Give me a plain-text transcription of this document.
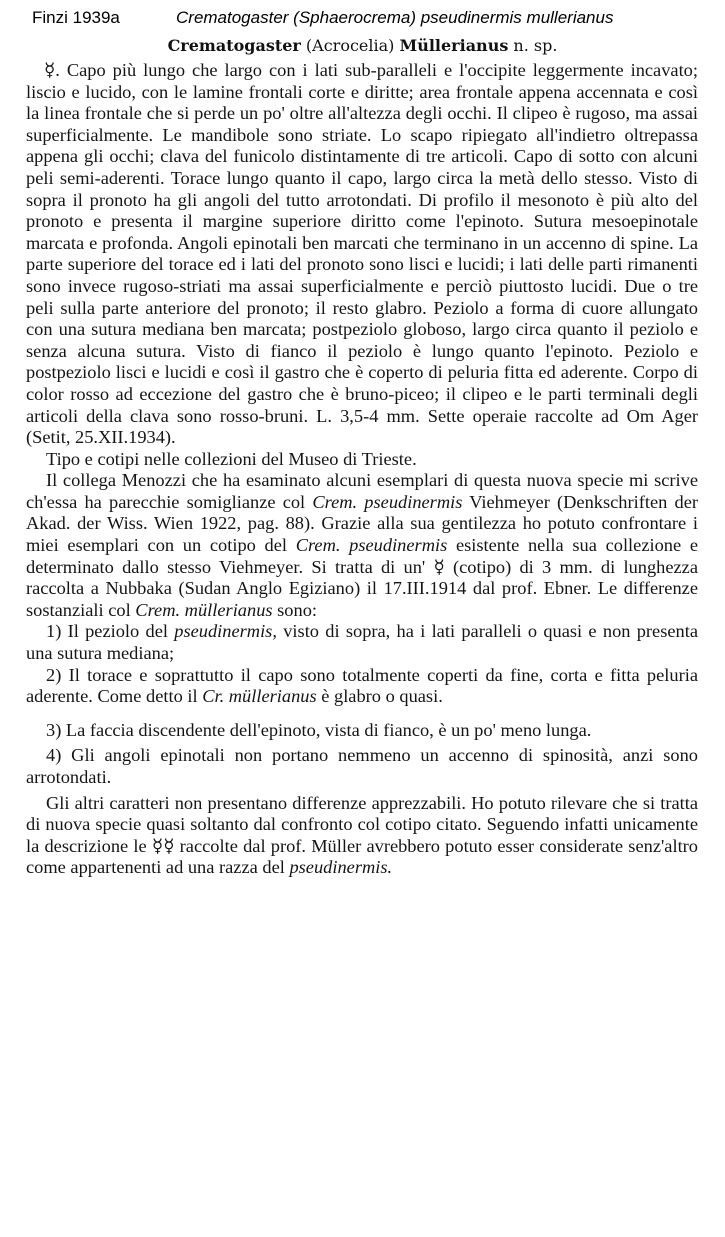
Finzi 1939a	Crematogaster (Sphaerocrema) pseudinermis mullerianus
Crematogaster (Acrocelia) Müllerianus n. sp.

☿. Capo più lungo che largo con i lati sub-paralleli e l'occipite leggermente incavato; liscio e lucido, con le lamine frontali corte e diritte; area frontale appena accennata e così la linea frontale che si perde un po' oltre all'altezza degli occhi. Il clipeo è rugoso, ma assai superficialmente. Le mandibole sono striate. Lo scapo ripiegato all'indietro oltrepassa appena gli occhi; clava del funicolo distintamente di tre articoli. Capo di sotto con alcuni peli semi-aderenti. Torace lungo quanto il capo, largo circa la metà dello stesso. Visto di sopra il pronoto ha gli angoli del tutto arrotondati. Di profilo il mesonoto è più alto del pronoto e presenta il margine superiore diritto come l'epinoto. Sutura mesoepinotale marcata e profonda. Angoli epinotali ben marcati che terminano in un accenno di spine. La parte superiore del torace ed i lati del pronoto sono lisci e lucidi; i lati delle parti rimanenti sono invece rugoso-striati ma assai superficialmente e perciò piuttosto lucidi. Due o tre peli sulla parte anteriore del pronoto; il resto glabro. Peziolo a forma di cuore allungato con una sutura mediana ben marcata; postpeziolo globoso, largo circa quanto il peziolo e senza alcuna sutura. Visto di fianco il peziolo è lungo quanto l'epinoto. Peziolo e postpeziolo lisci e lucidi e così il gastro che è coperto di peluria fitta ed aderente. Corpo di color rosso ad eccezione del gastro che è bruno-piceo; il clipeo e le parti terminali degli articoli della clava sono rosso-bruni. L. 3,5-4 mm. Sette operaie raccolte ad Om Ager (Setit, 25.XII.1934).

Tipo e cotipi nelle collezioni del Museo di Trieste.

Il collega Menozzi che ha esaminato alcuni esemplari di questa nuova specie mi scrive ch'essa ha parecchie somiglianze col Crem. pseudinermis Viehmeyer (Denkschriften der Akad. der Wiss. Wien 1922, pag. 88). Grazie alla sua gentilezza ho potuto confrontare i miei esemplari con un cotipo del Crem. pseudinermis esistente nella sua collezione e determinato dallo stesso Viehmeyer. Si tratta di un' ☿ (cotipo) di 3 mm. di lunghezza raccolta a Nubbaka (Sudan Anglo Egiziano) il 17.III.1914 dal prof. Ebner. Le differenze sostanziali col Crem. müllerianus sono:

1) Il peziolo del pseudinermis, visto di sopra, ha i lati paralleli o quasi e non presenta una sutura mediana;

2) Il torace e soprattutto il capo sono totalmente coperti da fine, corta e fitta peluria aderente. Come detto il Cr. müllerianus è glabro o quasi.

3) La faccia discendente dell'epinoto, vista di fianco, è un po' meno lunga.

4) Gli angoli epinotali non portano nemmeno un accenno di spinosità, anzi sono arrotondati.

Gli altri caratteri non presentano differenze apprezzabili. Ho potuto rilevare che si tratta di nuova specie quasi soltanto dal confronto col cotipo citato. Seguendo infatti unicamente la descrizione le ☿☿ raccolte dal prof. Müller avrebbero potuto esser considerate senz'altro come appartenenti ad una razza del pseudinermis.
